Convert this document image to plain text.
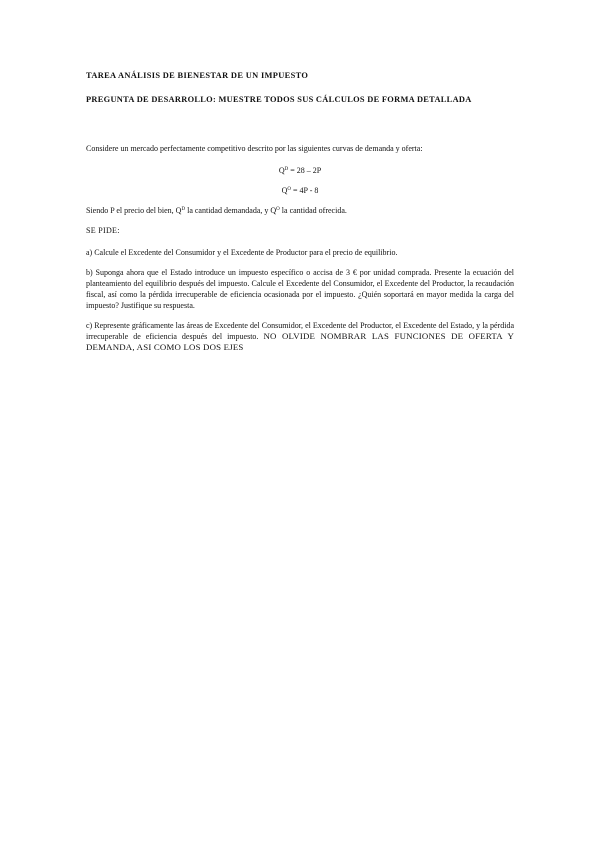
TAREA ANÁLISIS DE BIENESTAR DE UN IMPUESTO
PREGUNTA DE DESARROLLO: MUESTRE TODOS SUS CÁLCULOS DE FORMA DETALLADA
Considere un mercado perfectamente competitivo descrito por las siguientes curvas de demanda y oferta:
$Q^D = 28 - 2P$
$Q^O = 4P - 8$
Siendo P el precio del bien, $Q^D$ la cantidad demandada, y $Q^O$ la cantidad ofrecida.
SE PIDE:
a) Calcule el Excedente del Consumidor y el Excedente de Productor para el precio de equilibrio.
b) Suponga ahora que el Estado introduce un impuesto específico o accisa de 3 € por unidad comprada. Presente la ecuación del planteamiento del equilibrio después del impuesto. Calcule el Excedente del Consumidor, el Excedente del Productor, la recaudación fiscal, así como la pérdida irrecuperable de eficiencia ocasionada por el impuesto. ¿Quién soportará en mayor medida la carga del impuesto? Justifique su respuesta.
c) Represente gráficamente las áreas de Excedente del Consumidor, el Excedente del Productor, el Excedente del Estado, y la pérdida irrecuperable de eficiencia después del impuesto. NO OLVIDE NOMBRAR LAS FUNCIONES DE OFERTA Y DEMANDA, ASI COMO LOS DOS EJES
